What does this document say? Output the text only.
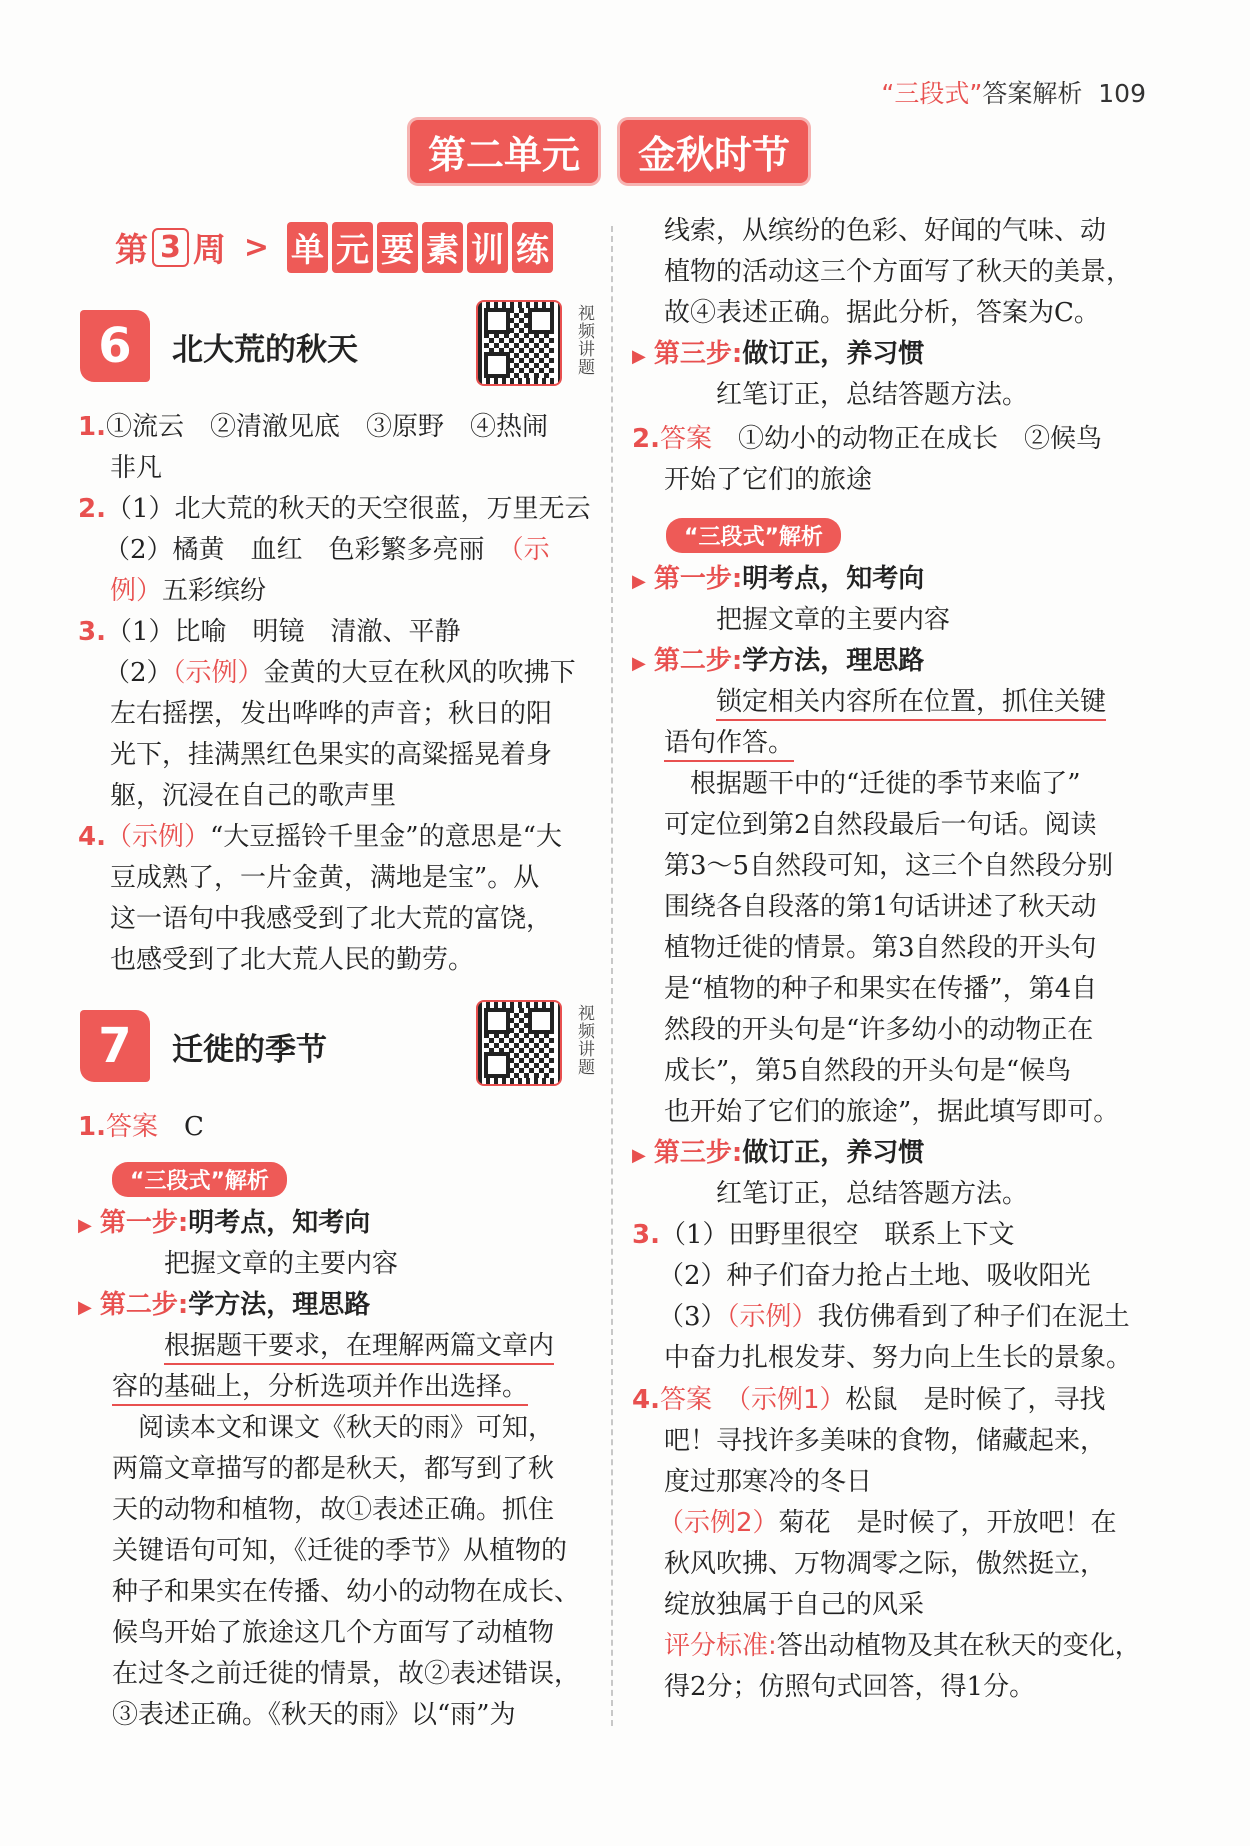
“三段式”答案解析 109
第二单元	金秋时节
第 3 周 > 单 元 要 素 训 练
6	北大荒的秋天	视频讲题
1.①流云　②清澈见底　③原野　④热闹
非凡
2.（1）北大荒的秋天的天空很蓝，万里无云
（2）橘黄　血红　色彩繁多亮丽　 （示
例）五彩缤纷
3.（1）比喻　明镜　清澈、平静
（2）（示例）金黄的大豆在秋风的吹拂下
左右摇摆，发出哗哗的声音；秋日的阳
光下，挂满黑红色果实的高粱摇晃着身
躯，沉浸在自己的歌声里
4.（示例）“大豆摇铃千里金”的意思是“大
豆成熟了，一片金黄，满地是宝”。从
这一语句中我感受到了北大荒的富饶，
也感受到了北大荒人民的勤劳。
7	迁徙的季节	视频讲题
1.答案　 C
“三段式”解析
▶ 第一步:明考点，知考向
把握文章的主要内容
▶ 第二步:学方法，理思路
根据题干要求，在理解两篇文章内
容的基础上，分析选项并作出选择。
　阅读本文和课文《秋天的雨》可知，
两篇文章描写的都是秋天，都写到了秋
天的动物和植物，故①表述正确。抓住
关键语句可知，《迁徙的季节》从植物的
种子和果实在传播、幼小的动物在成长、
候鸟开始了旅途这几个方面写了动植物
在过冬之前迁徙的情景，故②表述错误，
③表述正确。《秋天的雨》以“雨”为
线索，从缤纷的色彩、好闻的气味、动
植物的活动这三个方面写了秋天的美景，
故④表述正确。据此分析，答案为C。
▶ 第三步:做订正，养习惯
红笔订正，总结答题方法。
2.答案　 ①幼小的动物正在成长　②候鸟
开始了它们的旅途
“三段式”解析
▶ 第一步:明考点，知考向
把握文章的主要内容
▶ 第二步:学方法，理思路
锁定相关内容所在位置，抓住关键
语句作答。
　根据题干中的“迁徙的季节来临了”
可定位到第2自然段最后一句话。阅读
第3～5自然段可知，这三个自然段分别
围绕各自段落的第1句话讲述了秋天动
植物迁徙的情景。第3自然段的开头句
是“植物的种子和果实在传播”，第4自
然段的开头句是“许多幼小的动物正在
成长”，第5自然段的开头句是“候鸟
也开始了它们的旅途”，据此填写即可。
▶ 第三步:做订正，养习惯
红笔订正，总结答题方法。
3.（1）田野里很空　联系上下文
（2）种子们奋力抢占土地、吸收阳光
（3）（示例）我仿佛看到了种子们在泥土
中奋力扎根发芽、努力向上生长的景象。
4.答案　 （示例1）松鼠　是时候了，寻找
吧！寻找许多美味的食物，储藏起来，
度过那寒冷的冬日
（示例2）菊花　是时候了，开放吧！在
秋风吹拂、万物凋零之际，傲然挺立，
绽放独属于自己的风采
评分标准:答出动植物及其在秋天的变化，
得2分；仿照句式回答，得1分。
